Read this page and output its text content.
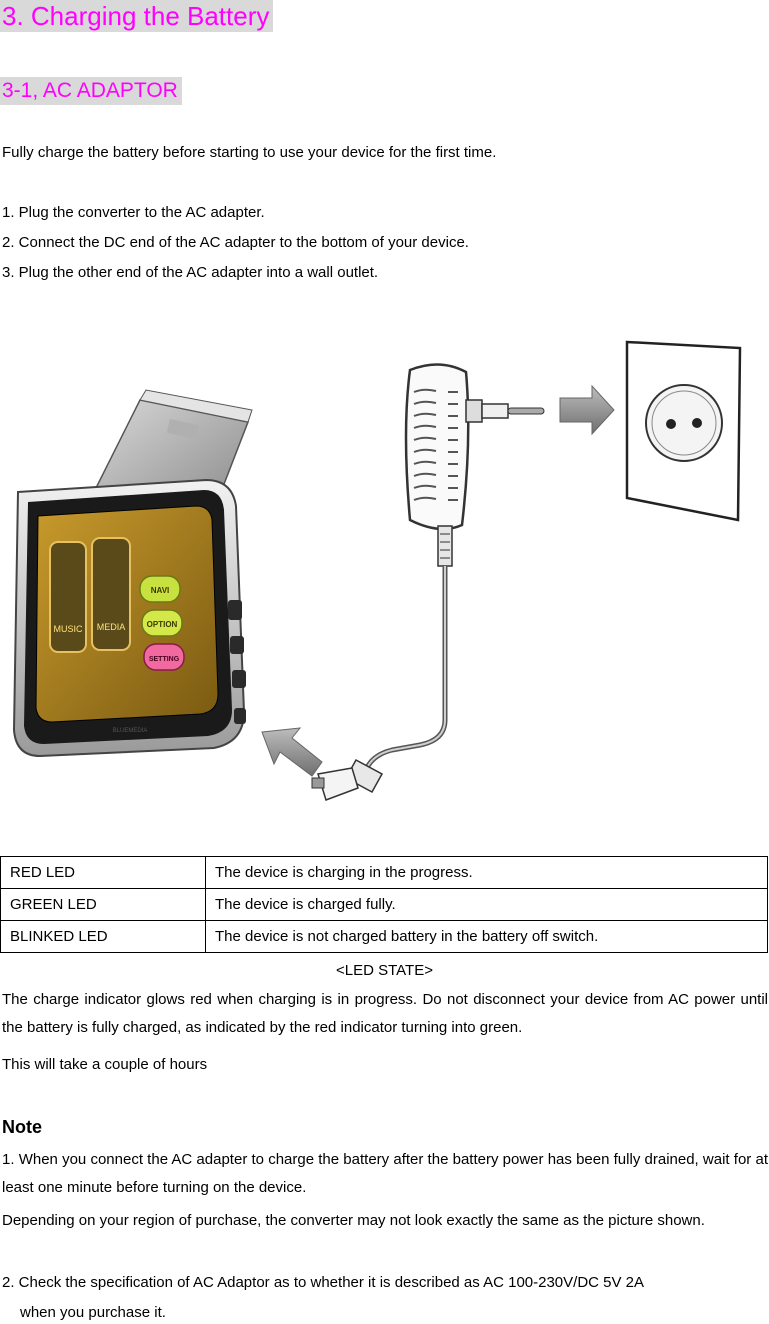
3. Charging the Battery
3-1, AC ADAPTOR
Fully charge the battery before starting to use your device for the first time.
1. Plug the converter to the AC adapter.
2. Connect the DC end of the AC adapter to the bottom of your device.
3. Plug the other end of the AC adapter into a wall outlet.
MUSIC MEDIA
NAVI
OPTION
SETTING
BLUEMEDIA
RED LED	The device is charging in the progress.
GREEN LED	The device is charged fully.
BLINKED LED	The device is not charged battery in the battery off switch.
<LED STATE>
The charge indicator glows red when charging is in progress. Do not disconnect your device from AC power until the battery is fully charged, as indicated by the red indicator turning into green.
This will take a couple of hours
Note
1. When you connect the AC adapter to charge the battery after the battery power has been fully drained, wait for at least one minute before turning on the device.
Depending on your region of purchase, the converter may not look exactly the same as the picture shown.
2. Check the specification of AC Adaptor as to whether it is described as AC 100-230V/DC 5V 2A
when you purchase it.
